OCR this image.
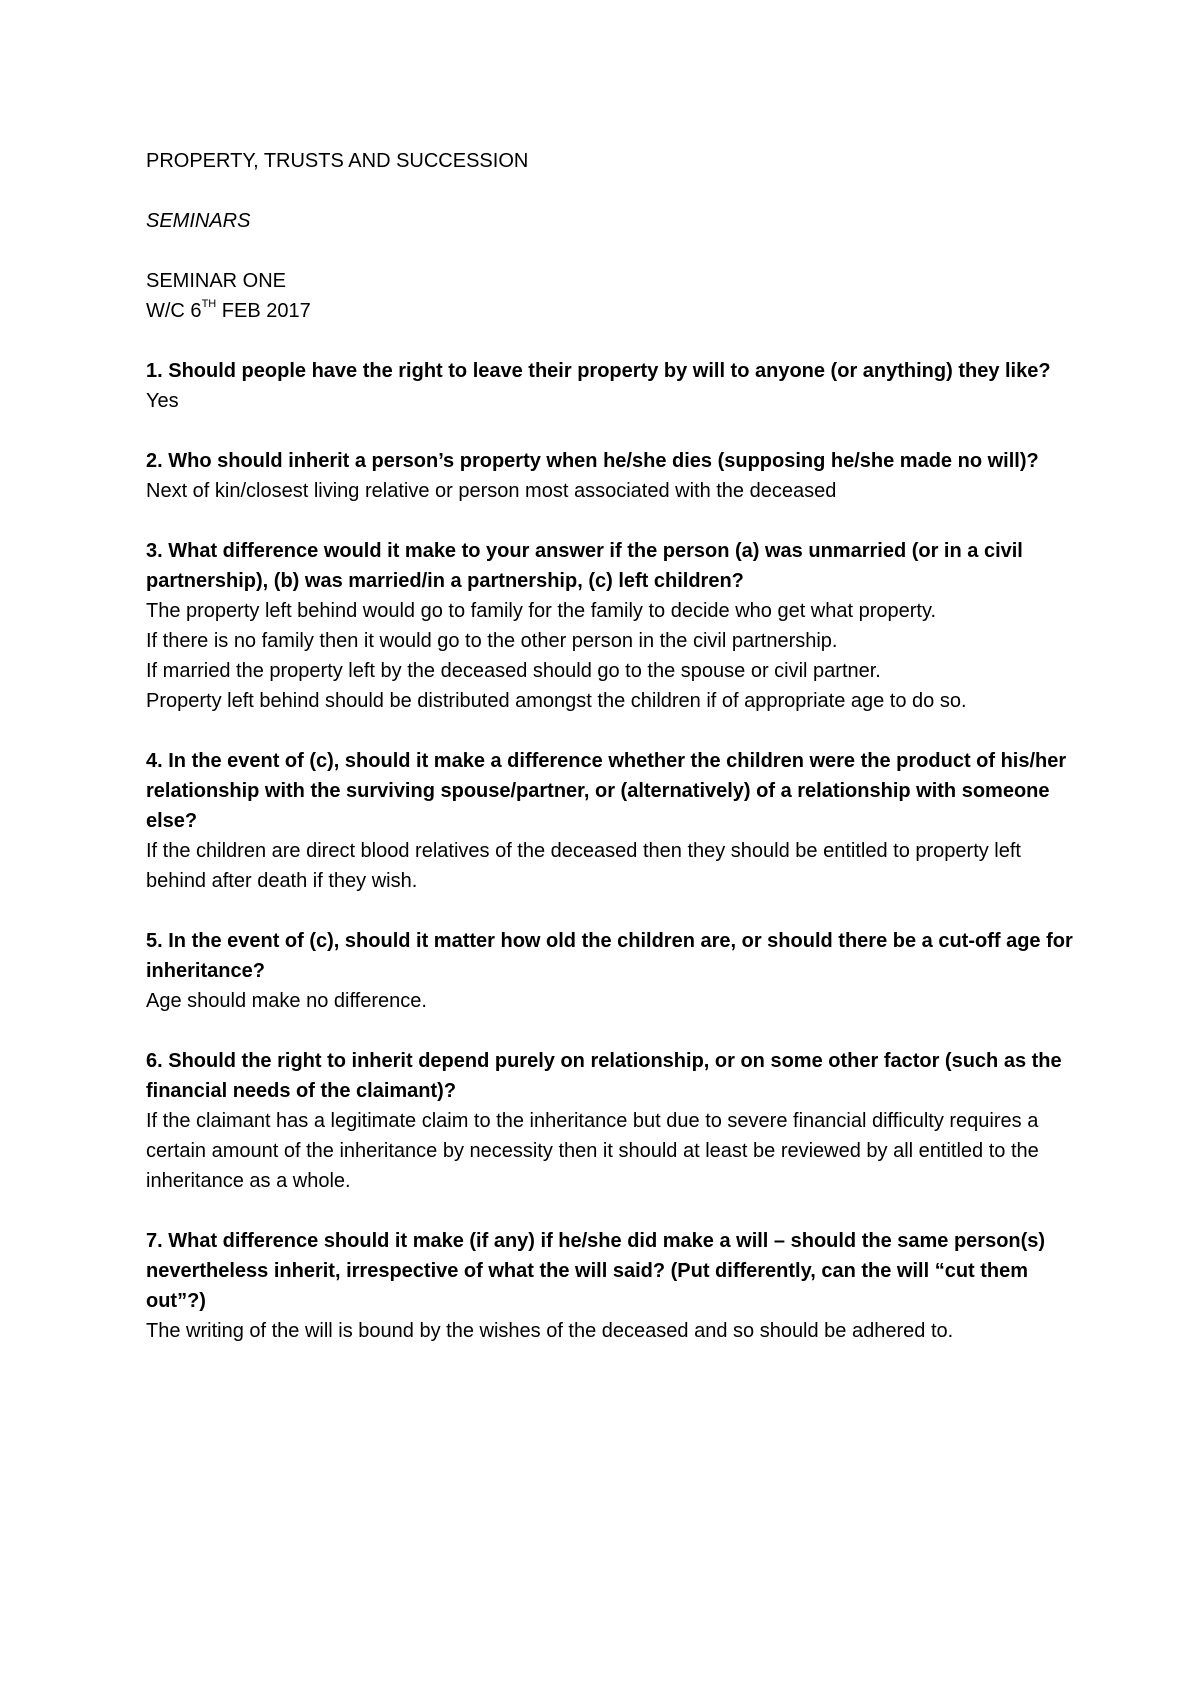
PROPERTY, TRUSTS AND SUCCESSION

SEMINARS

SEMINAR ONE

W/C 6TH FEB 2017

1. Should people have the right to leave their property by will to anyone (or anything) they like?

Yes

2. Who should inherit a person’s property when he/she dies (supposing he/she made no will)?

Next of kin/closest living relative or person most associated with the deceased

3. What difference would it make to your answer if the person (a) was unmarried (or in a civil partnership), (b) was married/in a partnership, (c) left children?

The property left behind would go to family for the family to decide who get what property.

If there is no family then it would go to the other person in the civil partnership.

If married the property left by the deceased should go to the spouse or civil partner.

Property left behind should be distributed amongst the children if of appropriate age to do so.

4. In the event of (c), should it make a difference whether the children were the product of his/her relationship with the surviving spouse/partner, or (alternatively) of a relationship with someone else?

If the children are direct blood relatives of the deceased then they should be entitled to property left behind after death if they wish.

5. In the event of (c), should it matter how old the children are, or should there be a cut-off age for inheritance?

Age should make no difference.

6. Should the right to inherit depend purely on relationship, or on some other factor (such as the financial needs of the claimant)?

If the claimant has a legitimate claim to the inheritance but due to severe financial difficulty requires a certain amount of the inheritance by necessity then it should at least be reviewed by all entitled to the inheritance as a whole.

7. What difference should it make (if any) if he/she did make a will – should the same person(s) nevertheless inherit, irrespective of what the will said? (Put differently, can the will “cut them out”?)

The writing of the will is bound by the wishes of the deceased and so should be adhered to.
